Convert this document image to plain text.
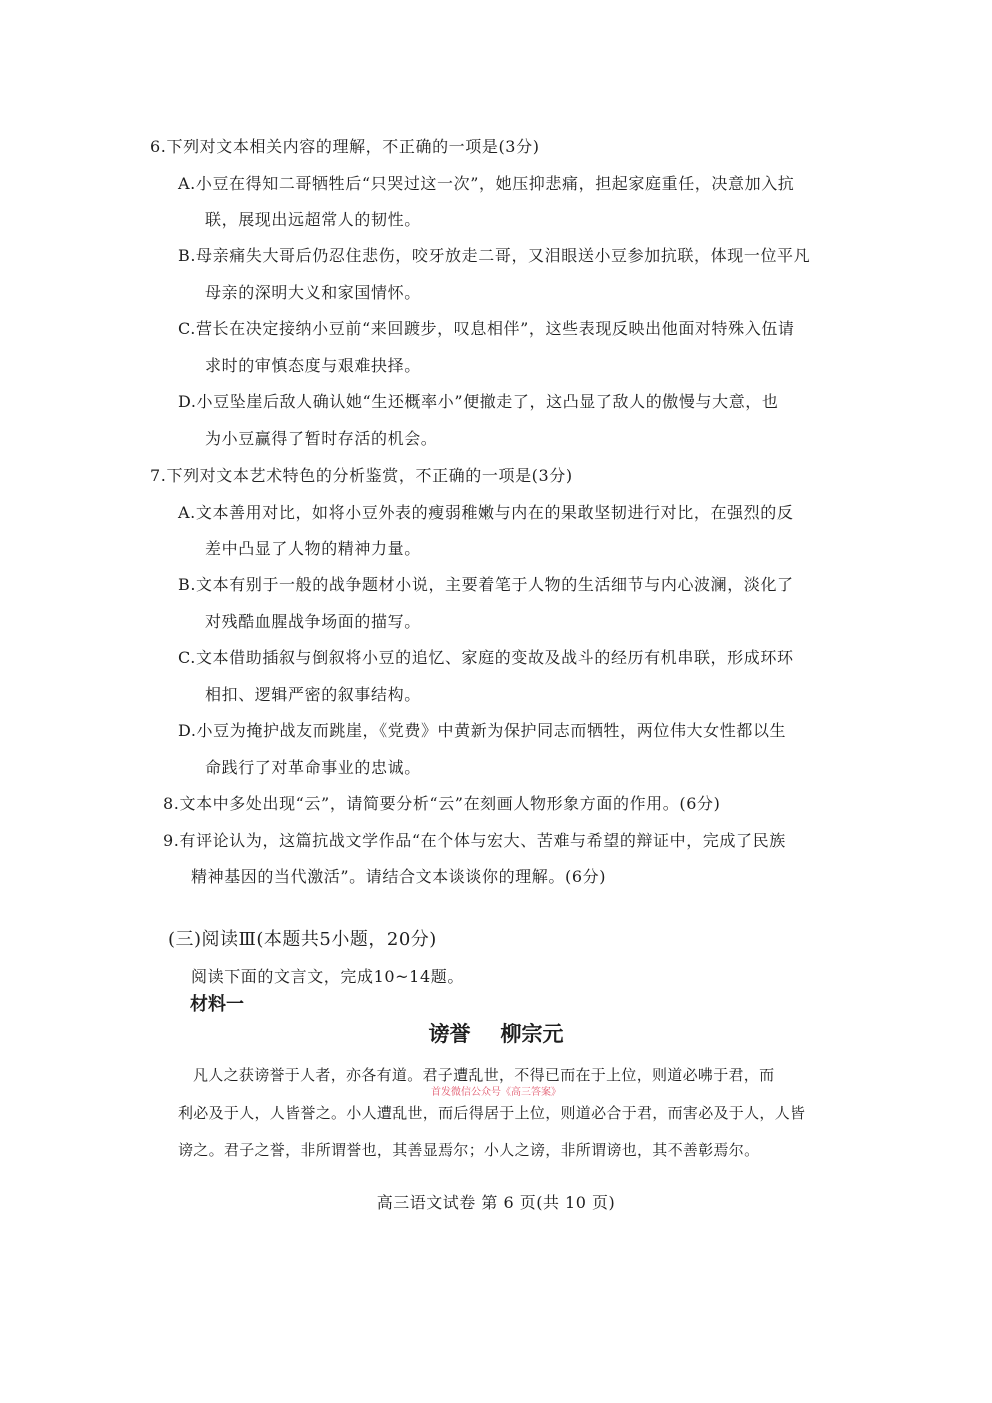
6.下列对文本相关内容的理解，不正确的一项是(3分)
A.小豆在得知二哥牺牲后“只哭过这一次”，她压抑悲痛，担起家庭重任，决意加入抗
联，展现出远超常人的韧性。
B.母亲痛失大哥后仍忍住悲伤，咬牙放走二哥，又泪眼送小豆参加抗联，体现一位平凡
母亲的深明大义和家国情怀。
C.营长在决定接纳小豆前“来回踱步，叹息相伴”，这些表现反映出他面对特殊入伍请
求时的审慎态度与艰难抉择。
D.小豆坠崖后敌人确认她“生还概率小”便撤走了，这凸显了敌人的傲慢与大意，也
为小豆赢得了暂时存活的机会。
7.下列对文本艺术特色的分析鉴赏，不正确的一项是(3分)
A.文本善用对比，如将小豆外表的瘦弱稚嫩与内在的果敢坚韧进行对比，在强烈的反
差中凸显了人物的精神力量。
B.文本有别于一般的战争题材小说，主要着笔于人物的生活细节与内心波澜，淡化了
对残酷血腥战争场面的描写。
C.文本借助插叙与倒叙将小豆的追忆、家庭的变故及战斗的经历有机串联，形成环环
相扣、逻辑严密的叙事结构。
D.小豆为掩护战友而跳崖，《党费》中黄新为保护同志而牺牲，两位伟大女性都以生
命践行了对革命事业的忠诚。
8.文本中多处出现“云”，请简要分析“云”在刻画人物形象方面的作用。(6分)
9.有评论认为，这篇抗战文学作品“在个体与宏大、苦难与希望的辩证中，完成了民族
精神基因的当代激活”。请结合文本谈谈你的理解。(6分)
(三)阅读Ⅲ(本题共5小题，20分)
阅读下面的文言文，完成10~14题。
材料一
谤誉 柳宗元
凡人之获谤誉于人者，亦各有道。君子遭乱世，不得已而在于上位，则道必咈于君，而
首发微信公众号《高三答案》
利必及于人，人皆誉之。小人遭乱世，而后得居于上位，则道必合于君，而害必及于人，人皆
谤之。君子之誉，非所谓誉也，其善显焉尔；小人之谤，非所谓谤也，其不善彰焉尔。
高三语文试卷 第 6 页(共 10 页)
